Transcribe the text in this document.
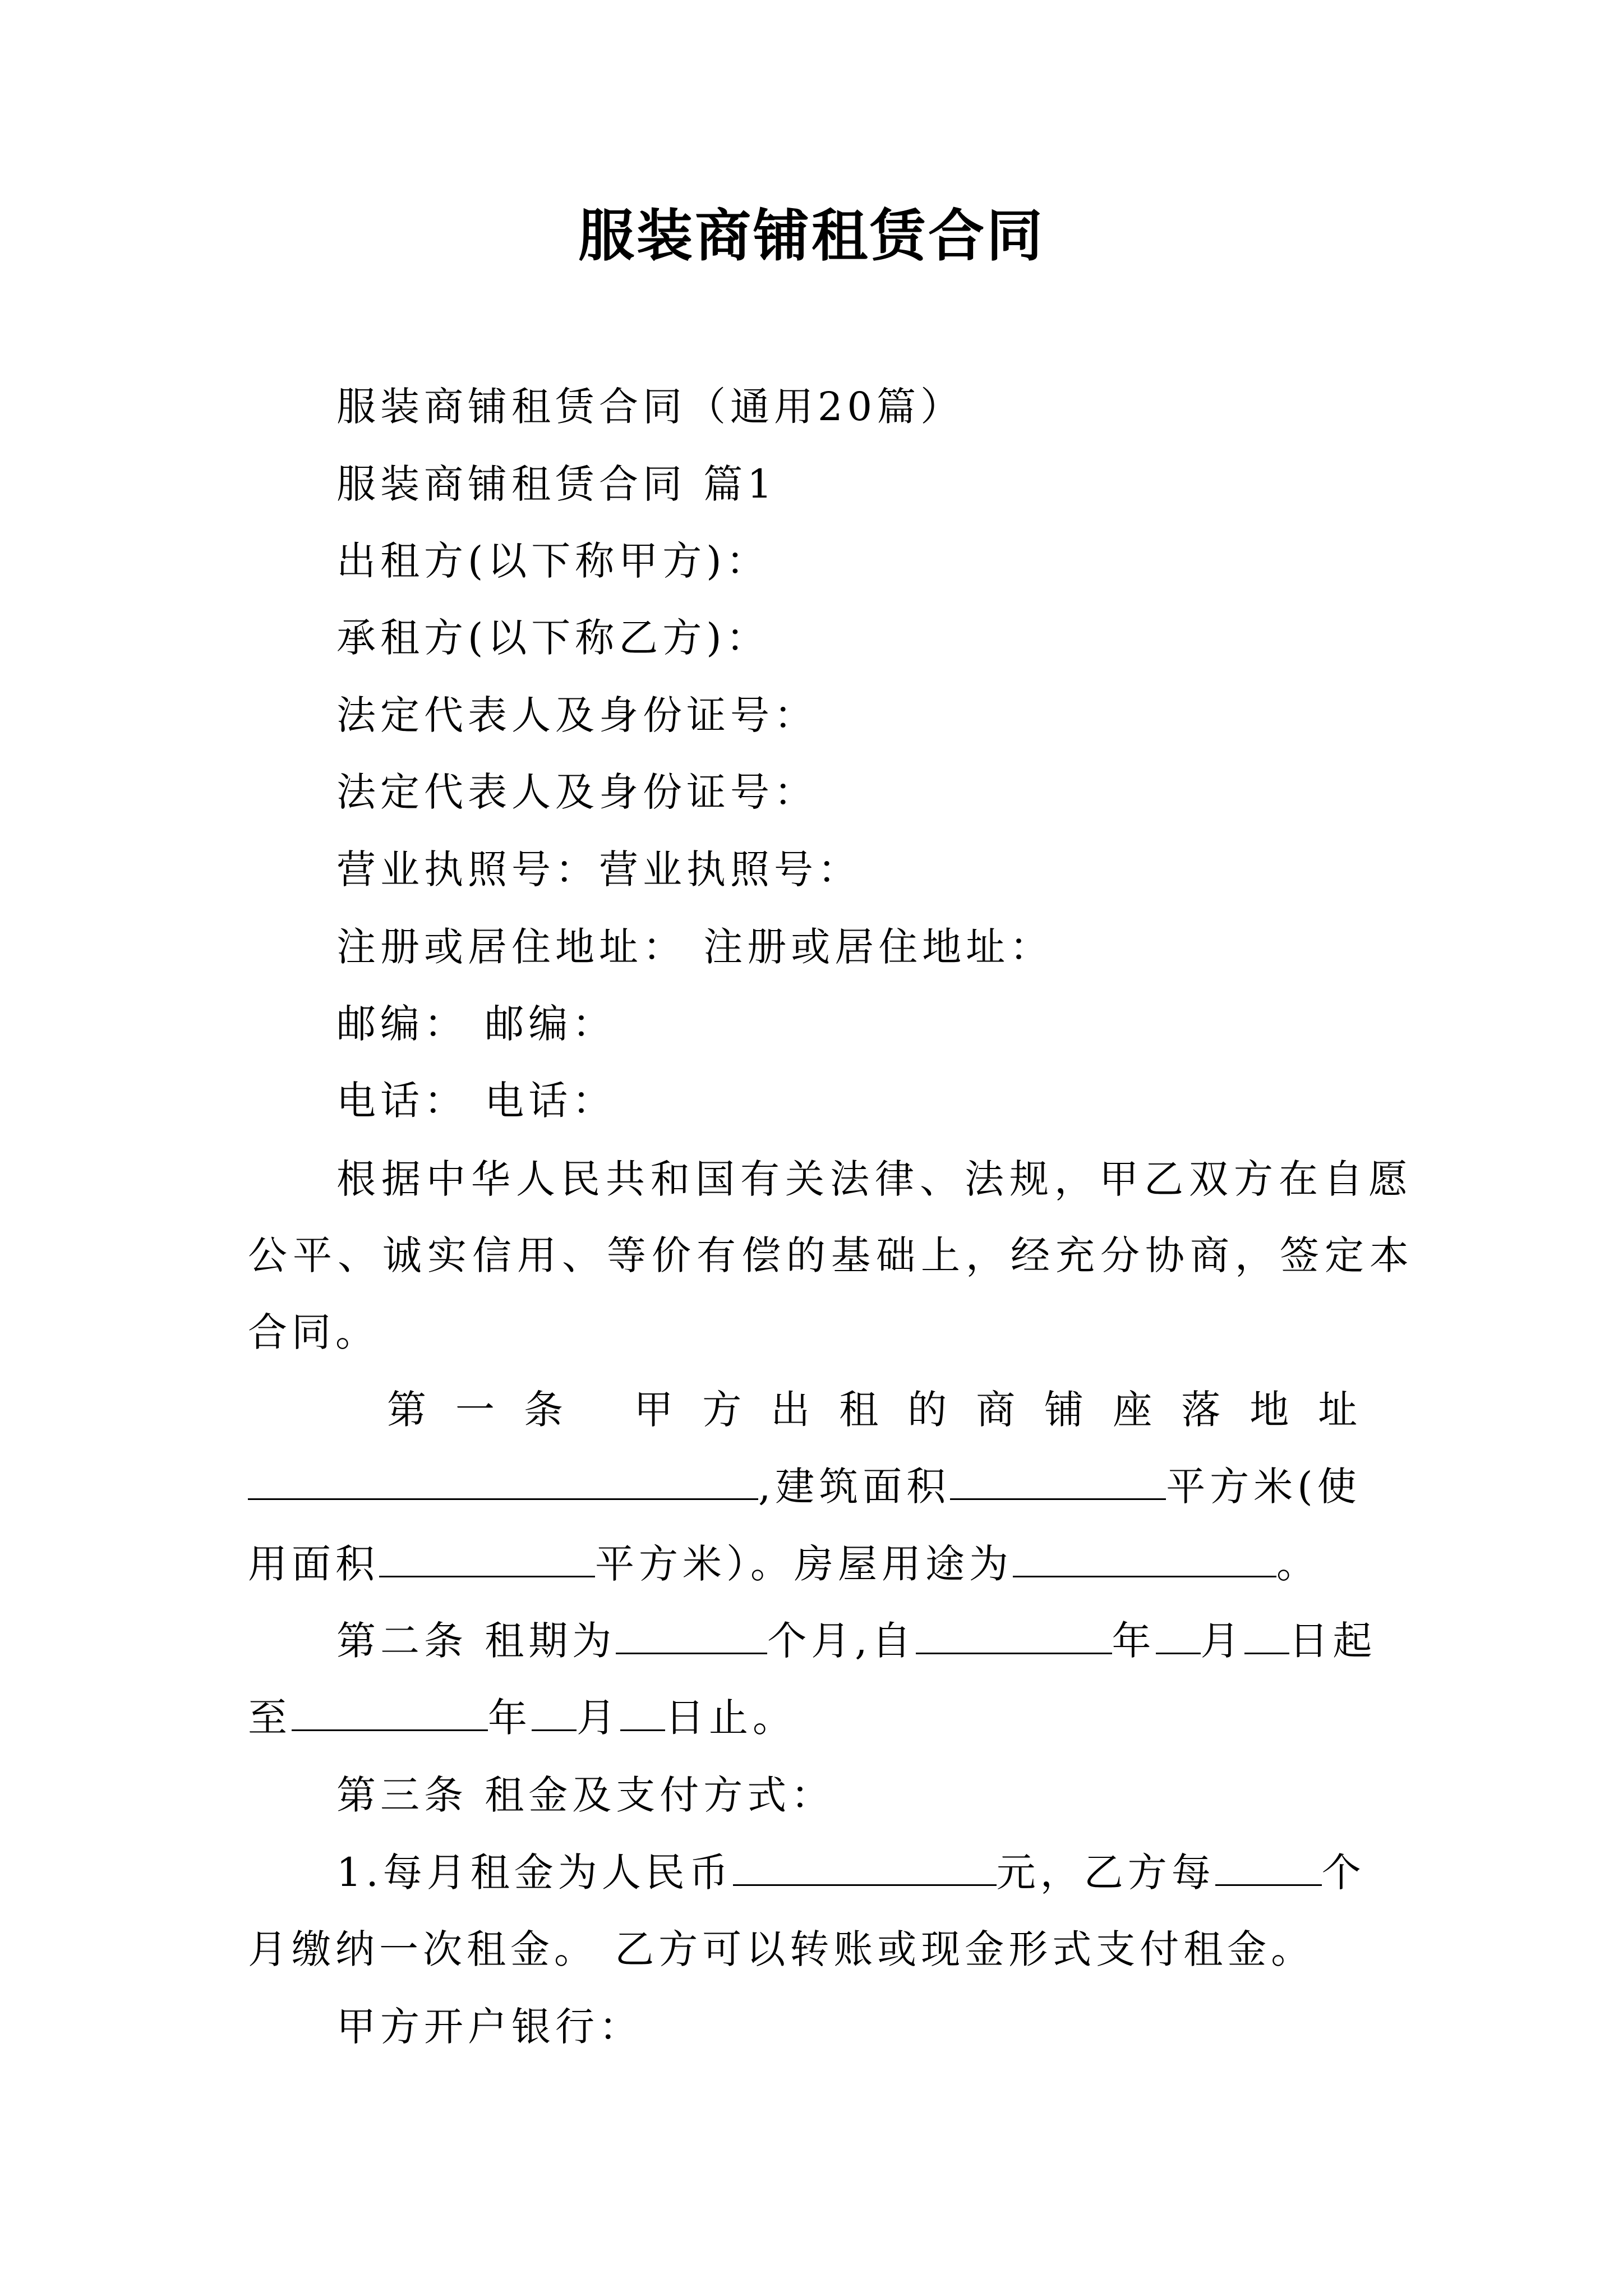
服装商铺租赁合同
服装商铺租赁合同（通用20篇）
服装商铺租赁合同 篇1
出租方(以下称甲方)：
承租方(以下称乙方)：
法定代表人及身份证号：
法定代表人及身份证号：
营业执照号：营业执照号：
注册或居住地址： 注册或居住地址：
邮编： 邮编：
电话： 电话：
根据中华人民共和国有关法律、法规，甲乙双方在自愿
公平、诚实信用、等价有偿的基础上，经充分协商，签定本
合同。
第一条 甲方出租的商铺座落地址
,建筑面积	平方米(使
用面积	平方米）。房屋用途为	。
第二条 租期为	个月,自	年 月 日起
至	年 月 日止。
第三条 租金及支付方式：
1.每月租金为人民币	元，乙方每	个
月缴纳一次租金。 乙方可以转账或现金形式支付租金。
甲方开户银行：
